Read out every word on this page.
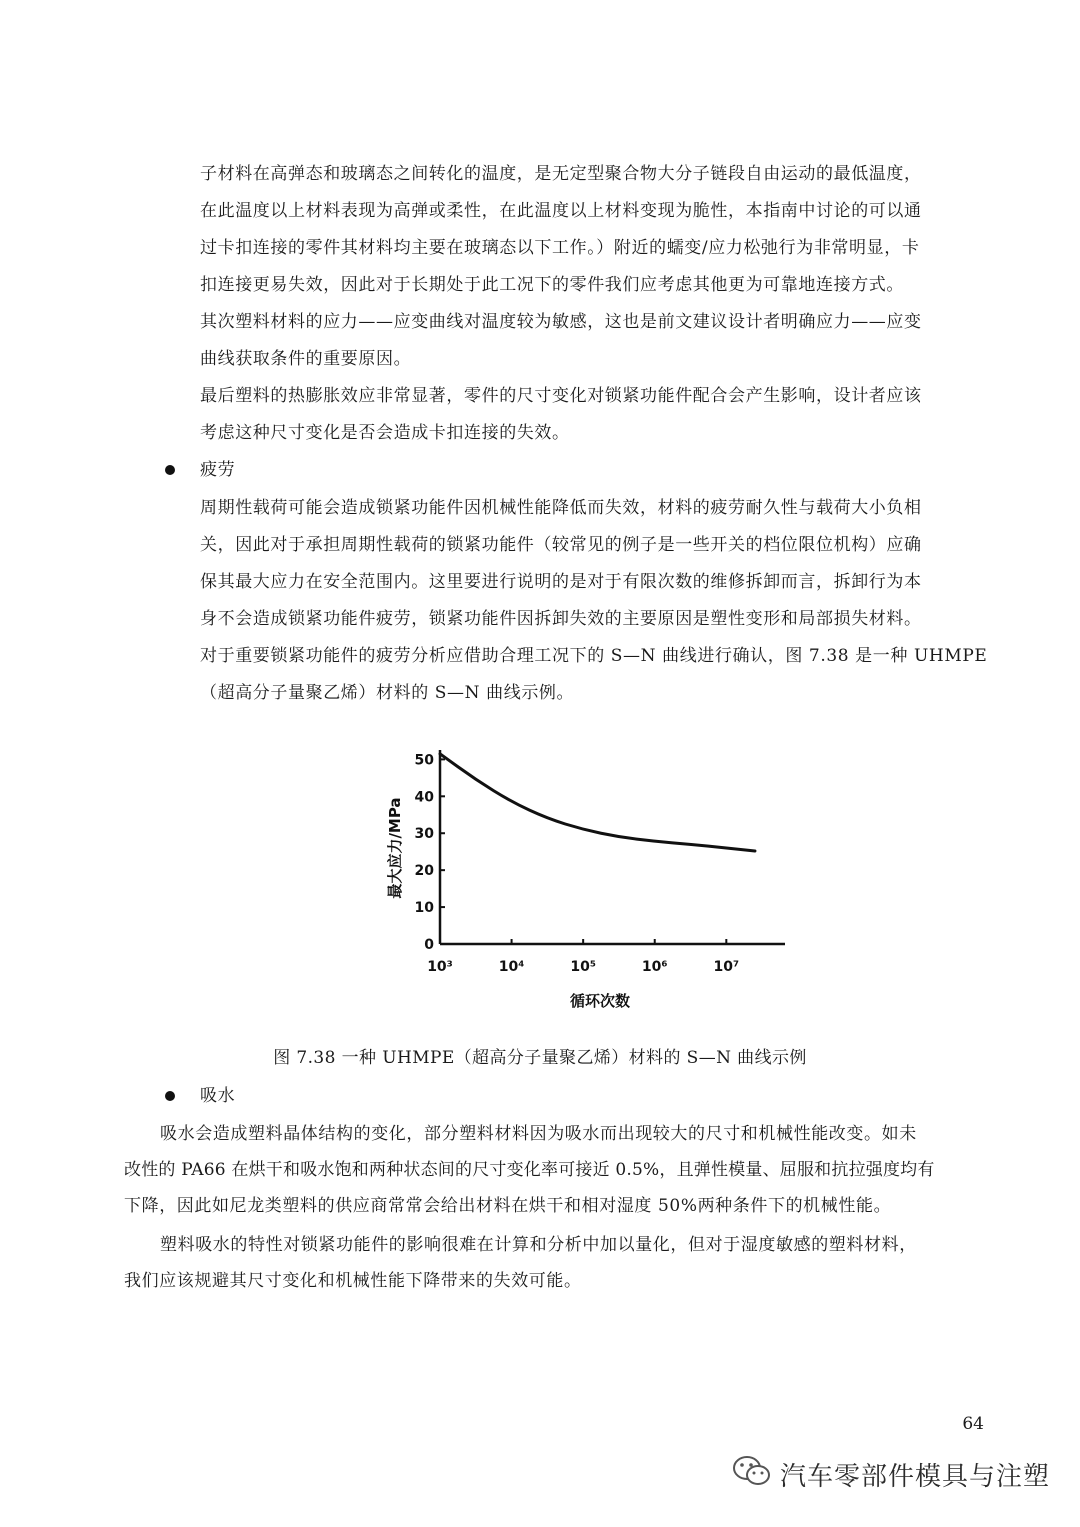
子材料在高弹态和玻璃态之间转化的温度，是无定型聚合物大分子链段自由运动的最低温度，
在此温度以上材料表现为高弹或柔性，在此温度以上材料变现为脆性，本指南中讨论的可以通
过卡扣连接的零件其材料均主要在玻璃态以下工作。）附近的蠕变/应力松弛行为非常明显，卡
扣连接更易失效，因此对于长期处于此工况下的零件我们应考虑其他更为可靠地连接方式。
其次塑料材料的应力——应变曲线对温度较为敏感，这也是前文建议设计者明确应力——应变
曲线获取条件的重要原因。
最后塑料的热膨胀效应非常显著，零件的尺寸变化对锁紧功能件配合会产生影响，设计者应该
考虑这种尺寸变化是否会造成卡扣连接的失效。
疲劳
周期性载荷可能会造成锁紧功能件因机械性能降低而失效，材料的疲劳耐久性与载荷大小负相
关，因此对于承担周期性载荷的锁紧功能件（较常见的例子是一些开关的档位限位机构）应确
保其最大应力在安全范围内。这里要进行说明的是对于有限次数的维修拆卸而言，拆卸行为本
身不会造成锁紧功能件疲劳，锁紧功能件因拆卸失效的主要原因是塑性变形和局部损失材料。
对于重要锁紧功能件的疲劳分析应借助合理工况下的 S—N 曲线进行确认，图 7.38 是一种 UHMPE
（超高分子量聚乙烯）材料的 S—N 曲线示例。
0
10
20
30
40
50
10³	10⁴	10⁵	10⁶	10⁷
最大应力/MPa
循环次数
图 7.38 一种 UHMPE（超高分子量聚乙烯）材料的 S—N 曲线示例
吸水
吸水会造成塑料晶体结构的变化，部分塑料材料因为吸水而出现较大的尺寸和机械性能改变。如未
改性的 PA66 在烘干和吸水饱和两种状态间的尺寸变化率可接近 0.5%，且弹性模量、屈服和抗拉强度均有
下降，因此如尼龙类塑料的供应商常常会给出材料在烘干和相对湿度 50%两种条件下的机械性能。
塑料吸水的特性对锁紧功能件的影响很难在计算和分析中加以量化，但对于湿度敏感的塑料材料，
我们应该规避其尺寸变化和机械性能下降带来的失效可能。
64
汽车零部件模具与注塑
